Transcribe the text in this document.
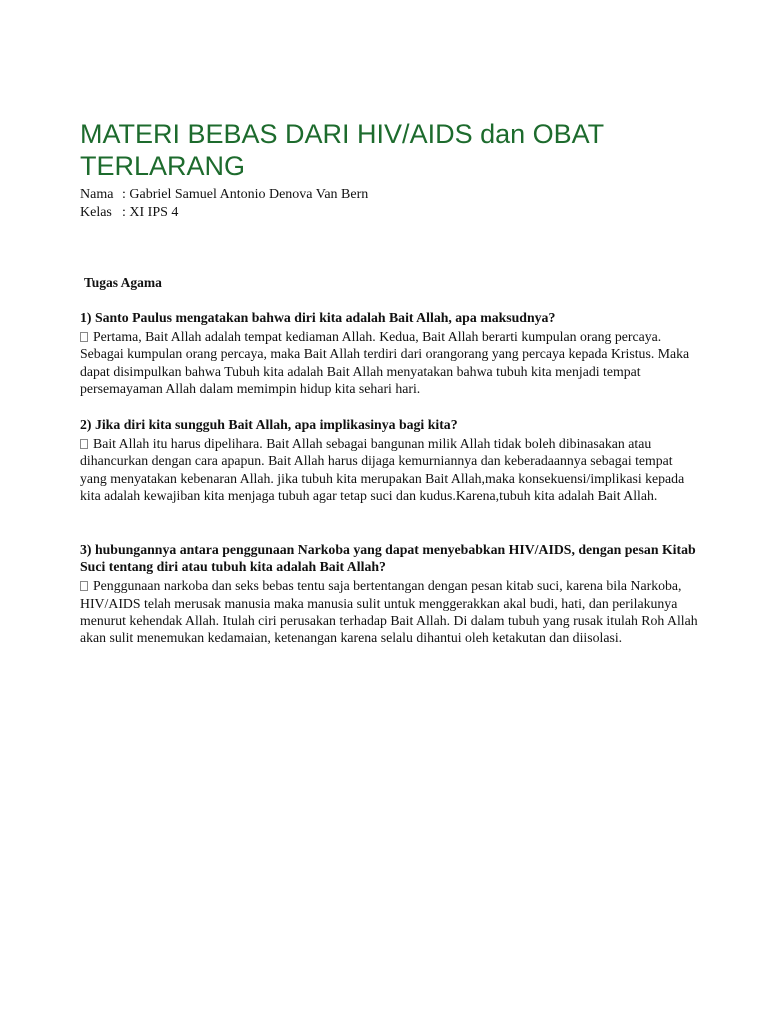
MATERI BEBAS DARI HIV/AIDS dan OBAT TERLARANG
Nama : Gabriel Samuel Antonio Denova Van Bern
Kelas : XI IPS 4
Tugas Agama

1) Santo Paulus mengatakan bahwa diri kita adalah Bait Allah, apa maksudnya?

Pertama, Bait Allah adalah tempat kediaman Allah. Kedua, Bait Allah berarti kumpulan orang percaya. Sebagai kumpulan orang percaya, maka Bait Allah terdiri dari orangorang yang percaya kepada Kristus. Maka dapat disimpulkan bahwa Tubuh kita adalah Bait Allah menyatakan bahwa tubuh kita menjadi tempat persemayaman Allah dalam memimpin hidup kita sehari hari.

2) Jika diri kita sungguh Bait Allah, apa implikasinya bagi kita?

Bait Allah itu harus dipelihara. Bait Allah sebagai bangunan milik Allah tidak boleh dibinasakan atau dihancurkan dengan cara apapun. Bait Allah harus dijaga kemurniannya dan keberadaannya sebagai tempat yang menyatakan kebenaran Allah. jika tubuh kita merupakan Bait Allah,maka konsekuensi/implikasi kepada kita adalah kewajiban kita menjaga tubuh agar tetap suci dan kudus.Karena,tubuh kita adalah Bait Allah.

3) hubungannya antara penggunaan Narkoba yang dapat menyebabkan HIV/AIDS, dengan pesan Kitab Suci tentang diri atau tubuh kita adalah Bait Allah?

Penggunaan narkoba dan seks bebas tentu saja bertentangan dengan pesan kitab suci, karena bila Narkoba, HIV/AIDS telah merusak manusia maka manusia sulit untuk menggerakkan akal budi, hati, dan perilakunya menurut kehendak Allah. Itulah ciri perusakan terhadap Bait Allah. Di dalam tubuh yang rusak itulah Roh Allah akan sulit menemukan kedamaian, ketenangan karena selalu dihantui oleh ketakutan dan diisolasi.
